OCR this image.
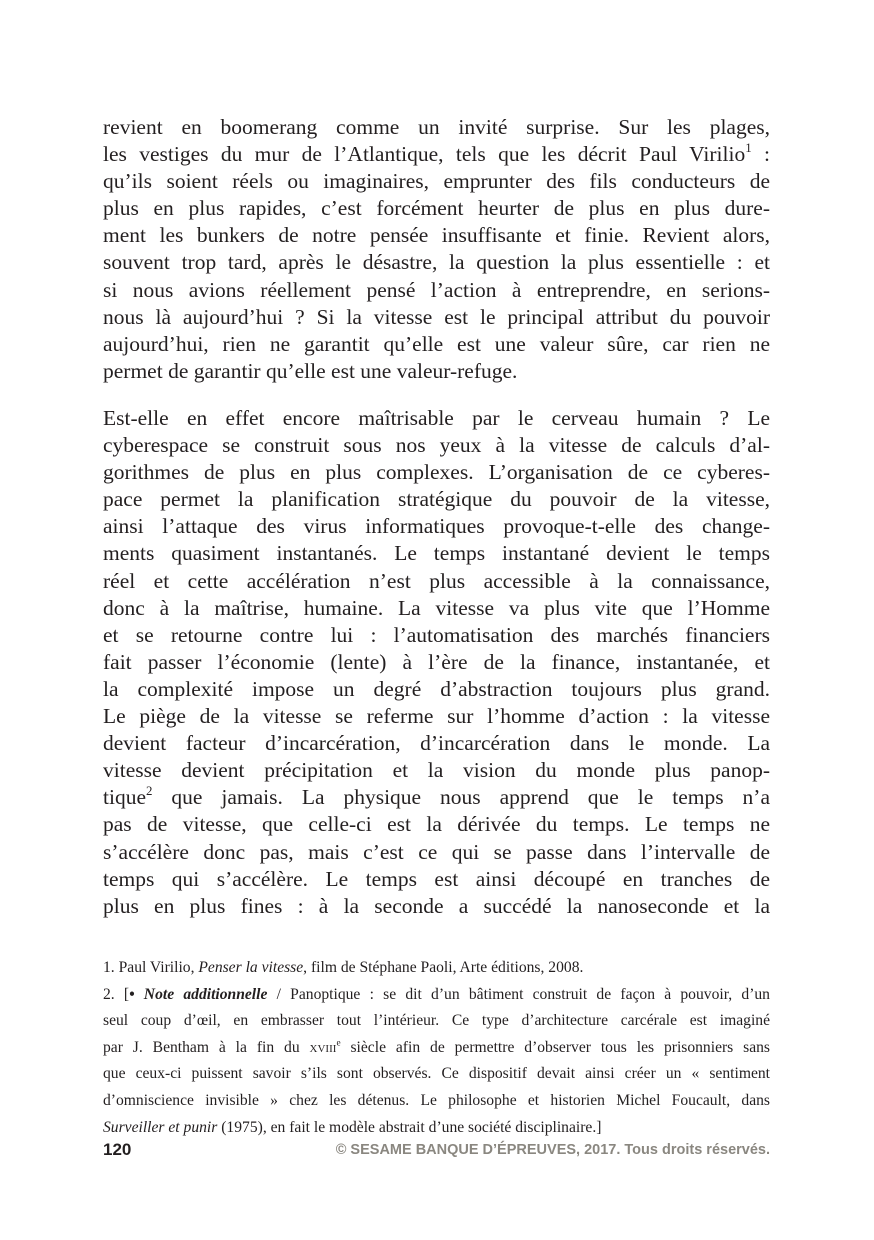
revient en boomerang comme un invité surprise. Sur les plages,
les vestiges du mur de l’Atlantique, tels que les décrit Paul Virilio$^1$ :
qu’ils soient réels ou imaginaires, emprunter des fils conducteurs de
plus en plus rapides, c’est forcément heurter de plus en plus dure-
ment les bunkers de notre pensée insuffisante et finie. Revient alors,
souvent trop tard, après le désastre, la question la plus essentielle : et
si nous avions réellement pensé l’action à entreprendre, en serions-
nous là aujourd’hui ? Si la vitesse est le principal attribut du pouvoir
aujourd’hui, rien ne garantit qu’elle est une valeur sûre, car rien ne
permet de garantir qu’elle est une valeur-refuge.
Est-elle en effet encore maîtrisable par le cerveau humain ? Le
cyberespace se construit sous nos yeux à la vitesse de calculs d’al-
gorithmes de plus en plus complexes. L’organisation de ce cyberes-
pace permet la planification stratégique du pouvoir de la vitesse,
ainsi l’attaque des virus informatiques provoque-t-elle des change-
ments quasiment instantanés. Le temps instantané devient le temps
réel et cette accélération n’est plus accessible à la connaissance,
donc à la maîtrise, humaine. La vitesse va plus vite que l’Homme
et se retourne contre lui : l’automatisation des marchés financiers
fait passer l’économie (lente) à l’ère de la finance, instantanée, et
la complexité impose un degré d’abstraction toujours plus grand.
Le piège de la vitesse se referme sur l’homme d’action : la vitesse
devient facteur d’incarcération, d’incarcération dans le monde. La
vitesse devient précipitation et la vision du monde plus panop-
tique$^2$ que jamais. La physique nous apprend que le temps n’a
pas de vitesse, que celle-ci est la dérivée du temps. Le temps ne
s’accélère donc pas, mais c’est ce qui se passe dans l’intervalle de
temps qui s’accélère. Le temps est ainsi découpé en tranches de
plus en plus fines : à la seconde a succédé la nanoseconde et la
1. Paul Virilio, Penser la vitesse, film de Stéphane Paoli, Arte éditions, 2008.
2. [• Note additionnelle / Panoptique : se dit d’un bâtiment construit de façon à pouvoir, d’un
seul coup d’œil, en embrasser tout l’intérieur. Ce type d’architecture carcérale est imaginé
par J. Bentham à la fin du xviii$^e$ siècle afin de permettre d’observer tous les prisonniers sans
que ceux-ci puissent savoir s’ils sont observés. Ce dispositif devait ainsi créer un « sentiment
d’omniscience invisible » chez les détenus. Le philosophe et historien Michel Foucault, dans
Surveiller et punir (1975), en fait le modèle abstrait d’une société disciplinaire.]
120	© SESAME BANQUE D’ÉPREUVES, 2017. Tous droits réservés.
